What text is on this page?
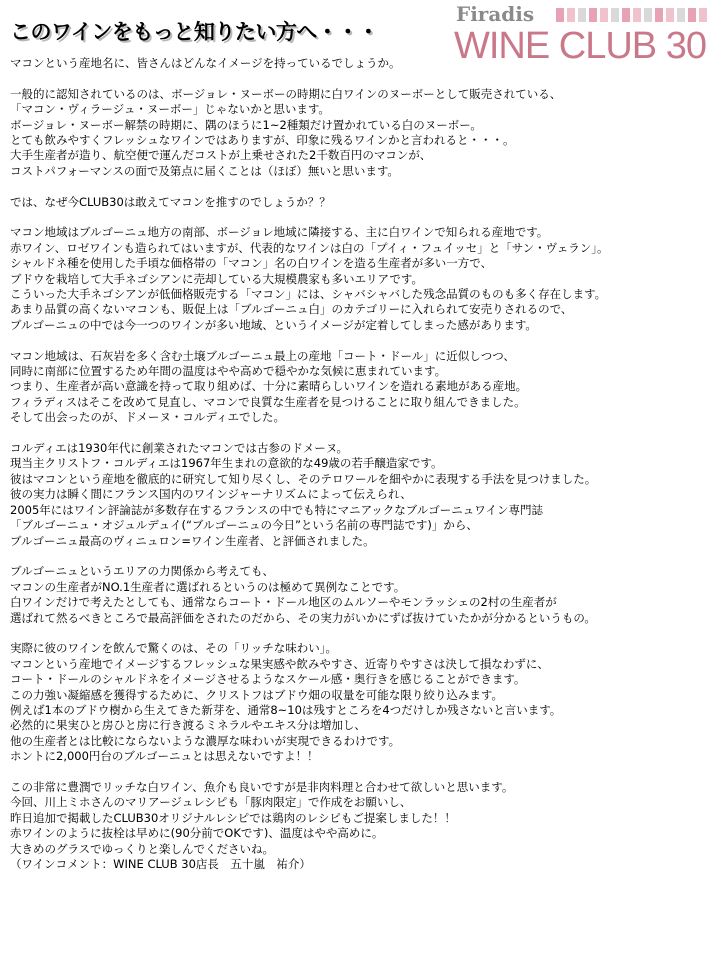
このワインをもっと知りたい方へ・・・
Firadis
WINE CLUB 30

マコンという産地名に、皆さんはどんなイメージを持っているでしょうか。

一般的に認知されているのは、ボージョレ・ヌーボーの時期に白ワインのヌーボーとして販売されている、
「マコン・ヴィラージュ・ヌーボー」じゃないかと思います。
ボージョレ・ヌーボー解禁の時期に、隅のほうに1~2種類だけ置かれている白のヌーボー。
とても飲みやすくフレッシュなワインではありますが、印象に残るワインかと言われると・・・。
大手生産者が造り、航空便で運んだコストが上乗せされた2千数百円のマコンが、
コストパフォーマンスの面で及第点に届くことは（ほぼ）無いと思います。

では、なぜ今CLUB30は敢えてマコンを推すのでしょうか？？

マコン地域はブルゴーニュ地方の南部、ボージョレ地域に隣接する、主に白ワインで知られる産地です。
赤ワイン、ロゼワインも造られてはいますが、代表的なワインは白の「プイィ・フュイッセ」と「サン・ヴェラン」。
シャルドネ種を使用した手頃な価格帯の「マコン」名の白ワインを造る生産者が多い一方で、
ブドウを栽培して大手ネゴシアンに売却している大規模農家も多いエリアです。
こういった大手ネゴシアンが低価格販売する「マコン」には、シャバシャバした残念品質のものも多く存在します。
あまり品質の高くないマコンも、販促上は「ブルゴーニュ白」のカテゴリーに入れられて安売りされるので、
ブルゴーニュの中では今一つのワインが多い地域、というイメージが定着してしまった感があります。

マコン地域は、石灰岩を多く含む土壌ブルゴーニュ最上の産地「コート・ドール」に近似しつつ、
同時に南部に位置するため年間の温度はやや高めで穏やかな気候に恵まれています。
つまり、生産者が高い意識を持って取り組めば、十分に素晴らしいワインを造れる素地がある産地。
フィラディスはそこを改めて見直し、マコンで良質な生産者を見つけることに取り組んできました。
そして出会ったのが、ドメーヌ・コルディエでした。

コルディエは1930年代に創業されたマコンでは古参のドメーヌ。
現当主クリストフ・コルディエは1967年生まれの意欲的な49歳の若手醸造家です。
彼はマコンという産地を徹底的に研究して知り尽くし、そのテロワールを細やかに表現する手法を見つけました。
彼の実力は瞬く間にフランス国内のワインジャーナリズムによって伝えられ、
2005年にはワイン評論誌が多数存在するフランスの中でも特にマニアックなブルゴーニュワイン専門誌
「ブルゴーニュ・オジュルデュイ(“ブルゴーニュの今日”という名前の専門誌です)」から、
ブルゴーニュ最高のヴィニュロン=ワイン生産者、と評価されました。

ブルゴーニュというエリアの力関係から考えても、
マコンの生産者がNO.1生産者に選ばれるというのは極めて異例なことです。
白ワインだけで考えたとしても、通常ならコート・ドール地区のムルソーやモンラッシェの2村の生産者が
選ばれて然るべきところで最高評価をされたのだから、その実力がいかにずば抜けていたかが分かるというもの。

実際に彼のワインを飲んで驚くのは、その「リッチな味わい」。
マコンという産地でイメージするフレッシュな果実感や飲みやすさ、近寄りやすさは決して損なわずに、
コート・ドールのシャルドネをイメージさせるようなスケール感・奥行きを感じることができます。
この力強い凝縮感を獲得するために、クリストフはブドウ畑の収量を可能な限り絞り込みます。
例えば1本のブドウ樹から生えてきた新芽を、通常8~10は残すところを4つだけしか残さないと言います。
必然的に果実ひと房ひと房に行き渡るミネラルやエキス分は増加し、
他の生産者とは比較にならないような濃厚な味わいが実現できるわけです。
ホントに2,000円台のブルゴーニュとは思えないですよ！！

この非常に豊潤でリッチな白ワイン、魚介も良いですが是非肉料理と合わせて欲しいと思います。
今回、川上ミホさんのマリアージュレシピも「豚肉限定」で作成をお願いし、
昨日追加で掲載したCLUB30オリジナルレシピでは鶏肉のレシピもご提案しました！！
赤ワインのように抜栓は早めに(90分前でOKです)、温度はやや高めに。
大きめのグラスでゆっくりと楽しんでくださいね。
（ワインコメント：WINE CLUB 30店長　五十嵐　祐介）
